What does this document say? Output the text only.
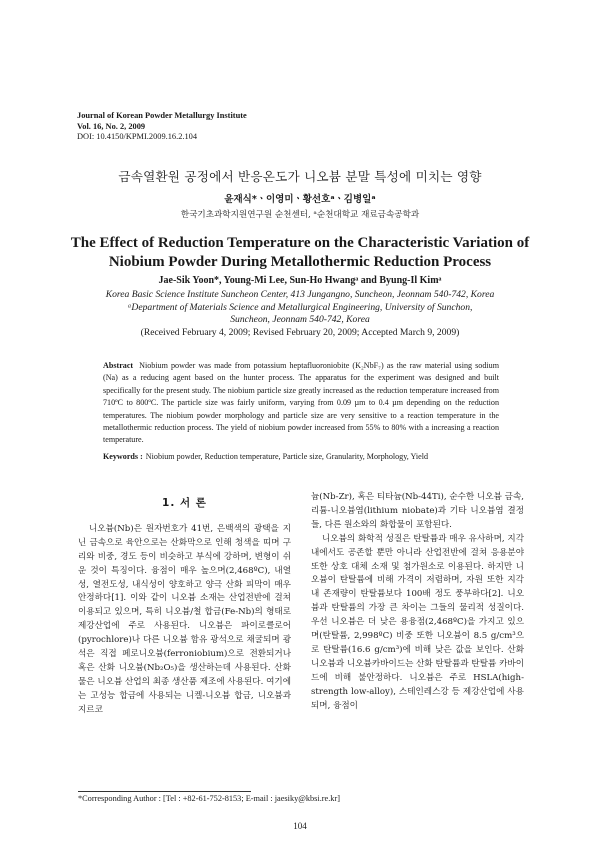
Journal of Korean Powder Metallurgy Institute
Vol. 16, No. 2, 2009
DOI: 10.4150/KPMI.2009.16.2.104
금속열환원 공정에서 반응온도가 니오븀 분말 특성에 미치는 영향
윤재식*ㆍ이영미ㆍ황선호ᵃㆍ김병일ᵃ
한국기초과학지원연구원 순천센터, ᵃ순천대학교 재료금속공학과
The Effect of Reduction Temperature on the Characteristic Variation of Niobium Powder During Metallothermic Reduction Process
Jae-Sik Yoon*, Young-Mi Lee, Sun-Ho Hwangᵃ and Byung-Il Kimᵃ
Korea Basic Science Institute Suncheon Center, 413 Jungangno, Suncheon, Jeonnam 540-742, Korea
ᵃDepartment of Materials Science and Metallurgical Engineering, University of Sunchon,
Suncheon, Jeonnam 540-742, Korea
(Received February 4, 2009; Revised February 20, 2009; Accepted March 9, 2009)
Abstract Niobium powder was made from potassium heptafluoroniobite (K₂NbF₇) as the raw material using sodium (Na) as a reducing agent based on the hunter process. The apparatus for the experiment was designed and built specifically for the present study. The niobium particle size greatly increased as the reduction temperature increased from 710ºC to 800ºC. The particle size was fairly uniform, varying from 0.09 µm to 0.4 µm depending on the reduction temperatures. The niobium powder morphology and particle size are very sensitive to a reaction temperature in the metallothermic reduction process. The yield of niobium powder increased from 55% to 80% with a increasing a reaction temperature.
Keywords : Niobium powder, Reduction temperature, Particle size, Granularity, Morphology, Yield
1. 서 론

니오븀(Nb)은 원자번호가 41번, 은백색의 광택을 지닌 금속으로 육안으로는 산화막으로 인해 청색을 띠며 구리와 비중, 경도 등이 비슷하고 부식에 강하며, 변형이 쉬운 것이 특징이다. 융점이 매우 높으며(2,468ºC), 내열성, 열전도성, 내식성이 양호하고 양극 산화 피막이 매우 안정하다[1]. 이와 같이 니오븀 소재는 산업전반에 걸쳐 이용되고 있으며, 특히 니오븀/철 합금(Fe-Nb)의 형태로 제강산업에 주로 사용된다. 니오븀은 파이로클로어(pyrochlore)나 다른 니오븀 함유 광석으로 채굴되며 광석은 직접 페로니오븀(ferroniobium)으로 전환되거나 혹은 산화 니오븀(Nb₂O₅)을 생산하는데 사용된다. 산화물은 니오븀 산업의 최종 생산품 제조에 사용된다. 여기에는 고성능 합금에 사용되는 니켈-니오븀 합금, 니오븀과 지르코

늄(Nb-Zr), 혹은 티타늄(Nb-44Ti), 순수한 니오븀 금속, 리튬-니오븀염(lithium niobate)과 기타 니오븀염 결정들, 다른 원소와의 화합물이 포함된다.

니오븀의 화학적 성질은 탄탈륨과 매우 유사하며, 지각내에서도 공존할 뿐만 아니라 산업전반에 걸쳐 응용분야 또한 상호 대체 소재 및 첨가원소로 이용된다. 하지만 니오븀이 탄탈륨에 비해 가격이 저렴하며, 자원 또한 지각 내 존재량이 탄탈륨보다 100배 정도 풍부하다[2]. 니오븀과 탄탈륨의 가장 큰 차이는 그들의 물리적 성질이다. 우선 니오븀은 더 낮은 용융점(2,468ºC)을 가지고 있으며(탄탈륨, 2,998ºC) 비중 또한 니오븀이 8.5 g/cm³으로 탄탈륨(16.6 g/cm³)에 비해 낮은 값을 보인다. 산화니오븀과 니오븀카바이드는 산화 탄탈륨과 탄탈륨 카바이드에 비해 불안정하다. 니오븀은 주로 HSLA(high-strength low-alloy), 스테인레스강 등 제강산업에 사용되며, 융점이

*Corresponding Author : [Tel : +82-61-752-8153; E-mail : jaesiky@kbsi.re.kr]
104
